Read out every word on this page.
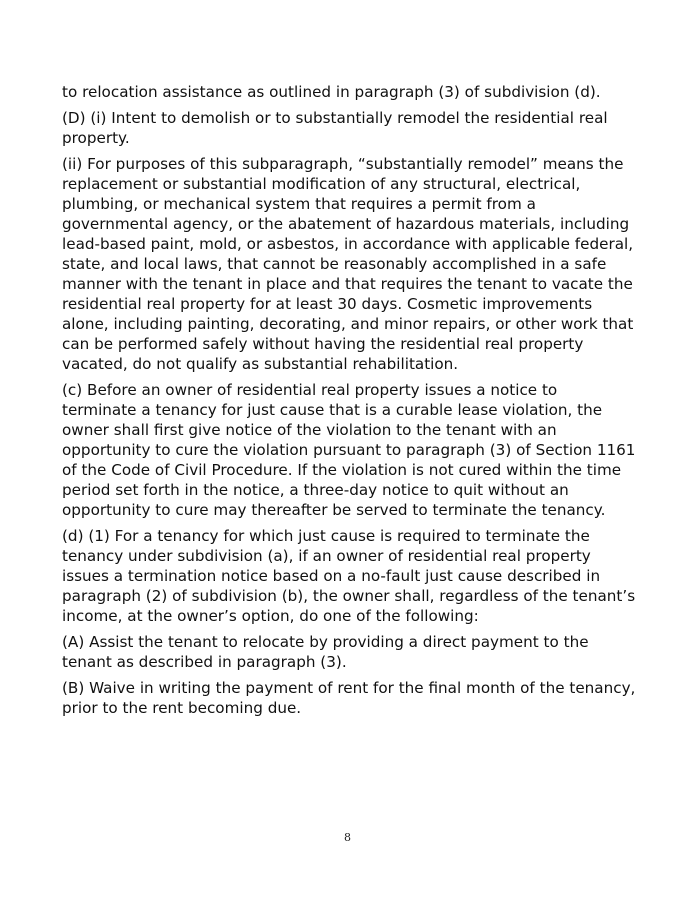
to relocation assistance as outlined in paragraph (3) of subdivision (d).

(D) (i) Intent to demolish or to substantially remodel the residential real property.

(ii) For purposes of this subparagraph, “substantially remodel” means the replacement or substantial modification of any structural, electrical, plumbing, or mechanical system that requires a permit from a governmental agency, or the abatement of hazardous materials, including lead-based paint, mold, or asbestos, in accordance with applicable federal, state, and local laws, that cannot be reasonably accomplished in a safe manner with the tenant in place and that requires the tenant to vacate the residential real property for at least 30 days. Cosmetic improvements alone, including painting, decorating, and minor repairs, or other work that can be performed safely without having the residential real property vacated, do not qualify as substantial rehabilitation.

(c) Before an owner of residential real property issues a notice to terminate a tenancy for just cause that is a curable lease violation, the owner shall first give notice of the violation to the tenant with an opportunity to cure the violation pursuant to paragraph (3) of Section 1161 of the Code of Civil Procedure. If the violation is not cured within the time period set forth in the notice, a three-day notice to quit without an opportunity to cure may thereafter be served to terminate the tenancy.

(d) (1) For a tenancy for which just cause is required to terminate the tenancy under subdivision (a), if an owner of residential real property issues a termination notice based on a no-fault just cause described in paragraph (2) of subdivision (b), the owner shall, regardless of the tenant’s income, at the owner’s option, do one of the following:

(A) Assist the tenant to relocate by providing a direct payment to the tenant as described in paragraph (3).

(B) Waive in writing the payment of rent for the final month of the tenancy, prior to the rent becoming due.

8
